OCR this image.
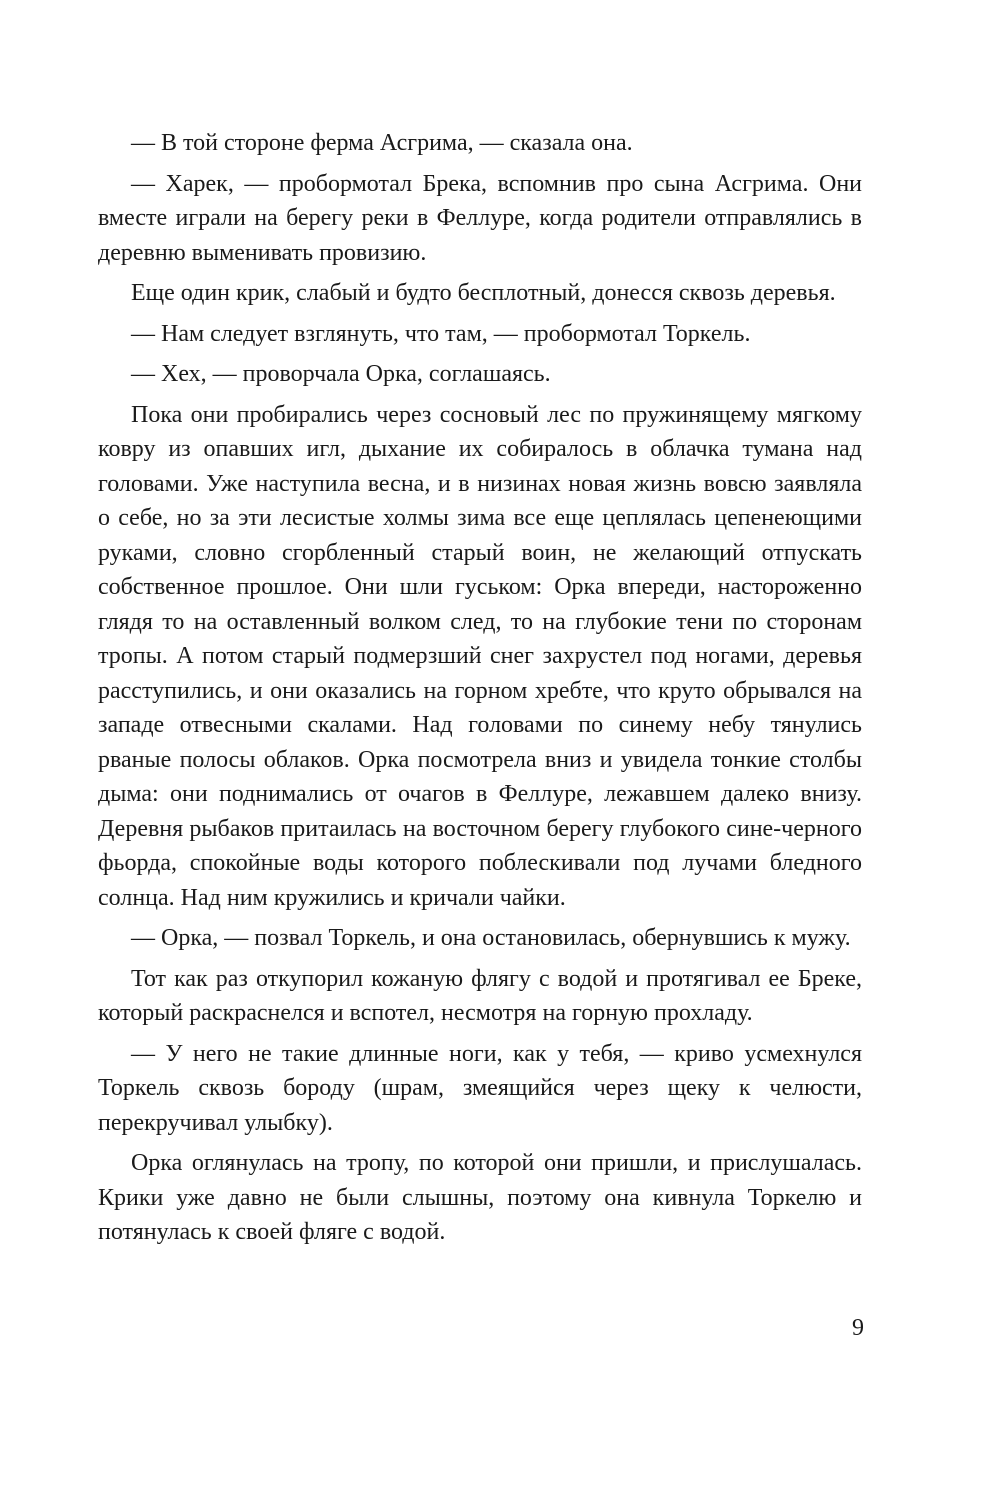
— В той стороне ферма Асгрима, — сказала она.

— Харек, — пробормотал Брека, вспомнив про сына Асгрима. Они вместе играли на берегу реки в Феллуре, когда родители отправлялись в деревню выменивать провизию.

Еще один крик, слабый и будто бесплотный, донесся сквозь деревья.

— Нам следует взглянуть, что там, — пробормотал Торкель.

— Хех, — проворчала Орка, соглашаясь.

Пока они пробирались через сосновый лес по пружинящему мягкому ковру из опавших игл, дыхание их собиралось в облачка тумана над головами. Уже наступила весна, и в низинах новая жизнь вовсю заявляла о себе, но за эти лесистые холмы зима все еще цеплялась цепенеющими руками, словно сгорбленный старый воин, не желающий отпускать собственное прошлое. Они шли гуськом: Орка впереди, настороженно глядя то на оставленный волком след, то на глубокие тени по сторонам тропы. А потом старый подмерзший снег захрустел под ногами, деревья расступились, и они оказались на горном хребте, что круто обрывался на западе отвесными скалами. Над головами по синему небу тянулись рваные полосы облаков. Орка посмотрела вниз и увидела тонкие столбы дыма: они поднимались от очагов в Феллуре, лежавшем далеко внизу. Деревня рыбаков притаилась на восточном берегу глубокого сине-черного фьорда, спокойные воды которого поблескивали под лучами бледного солнца. Над ним кружились и кричали чайки.

— Орка, — позвал Торкель, и она остановилась, обернувшись к мужу.

Тот как раз откупорил кожаную флягу с водой и протягивал ее Бреке, который раскраснелся и вспотел, несмотря на горную прохладу.

— У него не такие длинные ноги, как у тебя, — криво усмехнулся Торкель сквозь бороду (шрам, змеящийся через щеку к челюсти, перекручивал улыбку).

Орка оглянулась на тропу, по которой они пришли, и прислушалась. Крики уже давно не были слышны, поэтому она кивнула Торкелю и потянулась к своей фляге с водой.

9
